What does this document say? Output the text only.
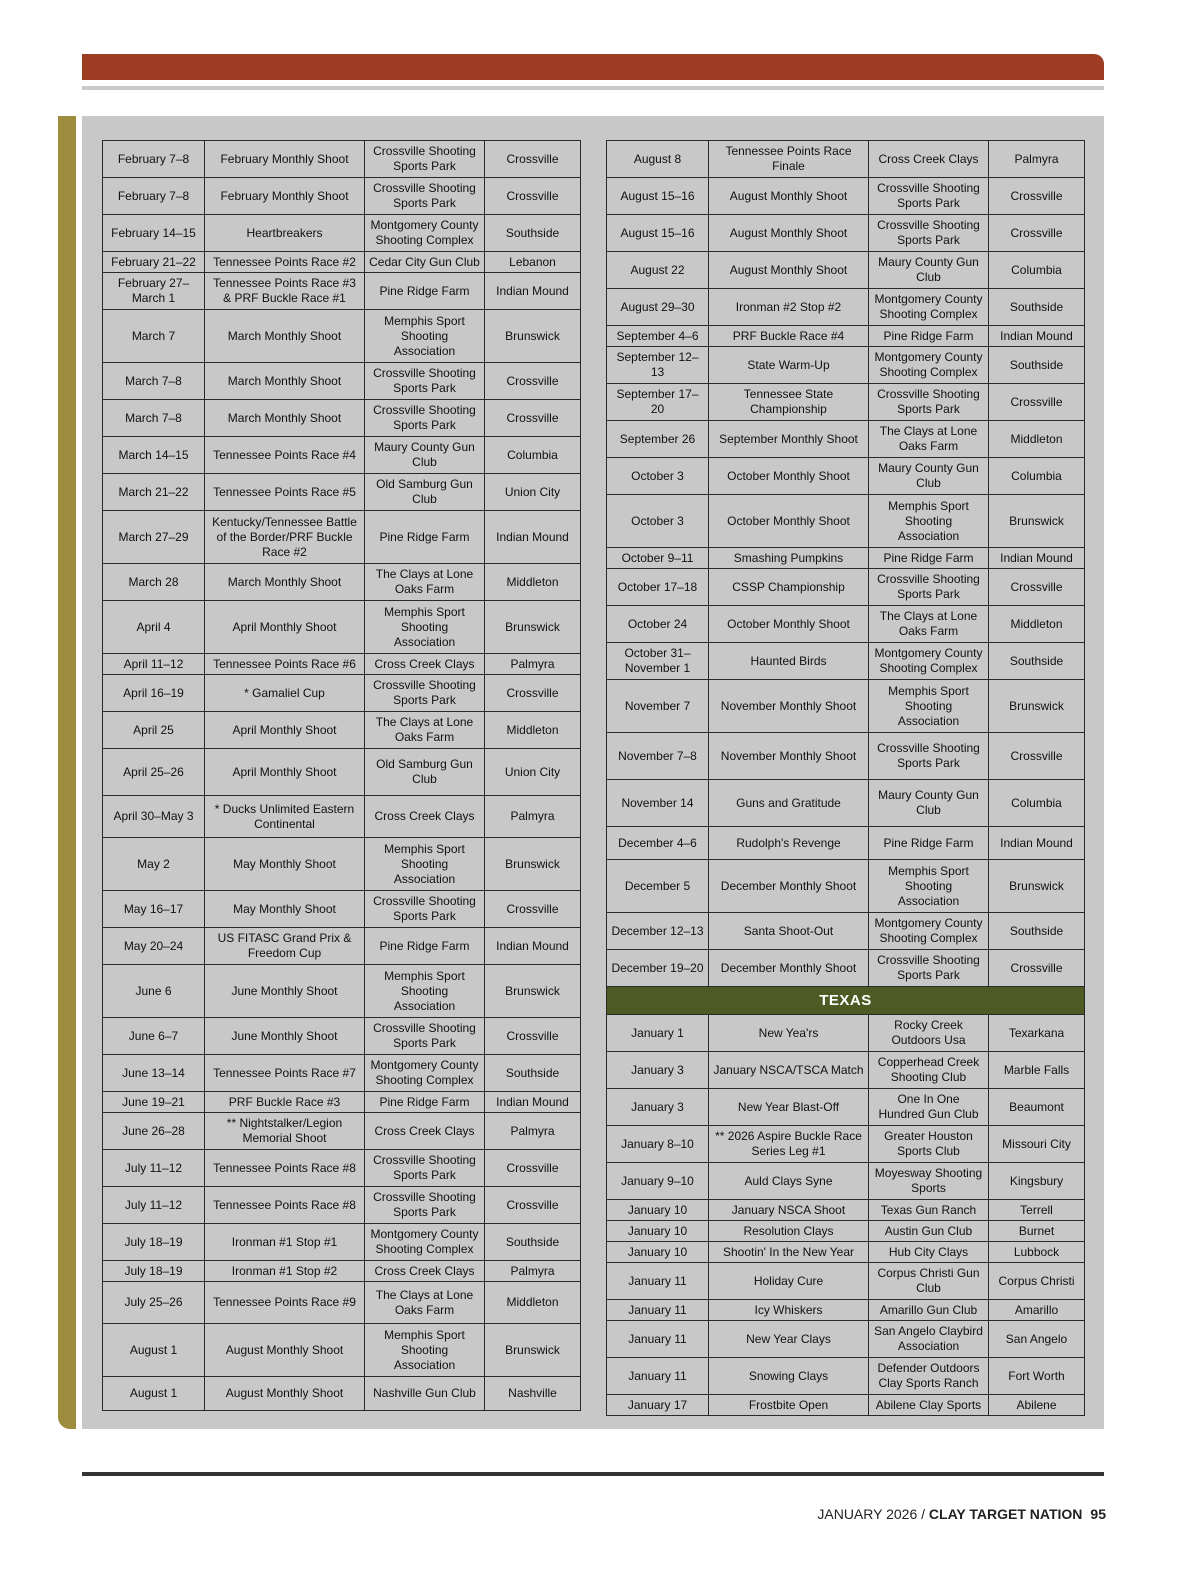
February 7–8	February Monthly Shoot	Crossville Shooting Sports Park	Crossville
February 7–8	February Monthly Shoot	Crossville Shooting Sports Park	Crossville
February 14–15	Heartbreakers	Montgomery County Shooting Complex	Southside
February 21–22	Tennessee Points Race #2	Cedar City Gun Club	Lebanon
February 27–March 1	Tennessee Points Race #3 & PRF Buckle Race #1	Pine Ridge Farm	Indian Mound
March 7	March Monthly Shoot	Memphis Sport Shooting Association	Brunswick
March 7–8	March Monthly Shoot	Crossville Shooting Sports Park	Crossville
March 7–8	March Monthly Shoot	Crossville Shooting Sports Park	Crossville
March 14–15	Tennessee Points Race #4	Maury County Gun Club	Columbia
March 21–22	Tennessee Points Race #5	Old Samburg Gun Club	Union City
March 27–29	Kentucky/Tennessee Battle of the Border/PRF Buckle Race #2	Pine Ridge Farm	Indian Mound
March 28	March Monthly Shoot	The Clays at Lone Oaks Farm	Middleton
April 4	April Monthly Shoot	Memphis Sport Shooting Association	Brunswick
April 11–12	Tennessee Points Race #6	Cross Creek Clays	Palmyra
April 16–19	* Gamaliel Cup	Crossville Shooting Sports Park	Crossville
April 25	April Monthly Shoot	The Clays at Lone Oaks Farm	Middleton
April 25–26	April Monthly Shoot	Old Samburg Gun Club	Union City
April 30–May 3	* Ducks Unlimited Eastern Continental	Cross Creek Clays	Palmyra
May 2	May Monthly Shoot	Memphis Sport Shooting Association	Brunswick
May 16–17	May Monthly Shoot	Crossville Shooting Sports Park	Crossville
May 20–24	US FITASC Grand Prix & Freedom Cup	Pine Ridge Farm	Indian Mound
June 6	June Monthly Shoot	Memphis Sport Shooting Association	Brunswick
June 6–7	June Monthly Shoot	Crossville Shooting Sports Park	Crossville
June 13–14	Tennessee Points Race #7	Montgomery County Shooting Complex	Southside
June 19–21	PRF Buckle Race #3	Pine Ridge Farm	Indian Mound
June 26–28	** Nightstalker/Legion Memorial Shoot	Cross Creek Clays	Palmyra
July 11–12	Tennessee Points Race #8	Crossville Shooting Sports Park	Crossville
July 11–12	Tennessee Points Race #8	Crossville Shooting Sports Park	Crossville
July 18–19	Ironman #1 Stop #1	Montgomery County Shooting Complex	Southside
July 18–19	Ironman #1 Stop #2	Cross Creek Clays	Palmyra
July 25–26	Tennessee Points Race #9	The Clays at Lone Oaks Farm	Middleton
August 1	August Monthly Shoot	Memphis Sport Shooting Association	Brunswick
August 1	August Monthly Shoot	Nashville Gun Club	Nashville
August 8	Tennessee Points Race Finale	Cross Creek Clays	Palmyra
August 15–16	August Monthly Shoot	Crossville Shooting Sports Park	Crossville
August 15–16	August Monthly Shoot	Crossville Shooting Sports Park	Crossville
August 22	August Monthly Shoot	Maury County Gun Club	Columbia
August 29–30	Ironman #2 Stop #2	Montgomery County Shooting Complex	Southside
September 4–6	PRF Buckle Race #4	Pine Ridge Farm	Indian Mound
September 12–13	State Warm-Up	Montgomery County Shooting Complex	Southside
September 17–20	Tennessee State Championship	Crossville Shooting Sports Park	Crossville
September 26	September Monthly Shoot	The Clays at Lone Oaks Farm	Middleton
October 3	October Monthly Shoot	Maury County Gun Club	Columbia
October 3	October Monthly Shoot	Memphis Sport Shooting Association	Brunswick
October 9–11	Smashing Pumpkins	Pine Ridge Farm	Indian Mound
October 17–18	CSSP Championship	Crossville Shooting Sports Park	Crossville
October 24	October Monthly Shoot	The Clays at Lone Oaks Farm	Middleton
October 31–November 1	Haunted Birds	Montgomery County Shooting Complex	Southside
November 7	November Monthly Shoot	Memphis Sport Shooting Association	Brunswick
November 7–8	November Monthly Shoot	Crossville Shooting Sports Park	Crossville
November 14	Guns and Gratitude	Maury County Gun Club	Columbia
December 4–6	Rudolph's Revenge	Pine Ridge Farm	Indian Mound
December 5	December Monthly Shoot	Memphis Sport Shooting Association	Brunswick
December 12–13	Santa Shoot-Out	Montgomery County Shooting Complex	Southside
December 19–20	December Monthly Shoot	Crossville Shooting Sports Park	Crossville
TEXAS			
January 1	New Yea'rs	Rocky Creek Outdoors Usa	Texarkana
January 3	January NSCA/TSCA Match	Copperhead Creek Shooting Club	Marble Falls
January 3	New Year Blast-Off	One In One Hundred Gun Club	Beaumont
January 8–10	** 2026 Aspire Buckle Race Series Leg #1	Greater Houston Sports Club	Missouri City
January 9–10	Auld Clays Syne	Moyesway Shooting Sports	Kingsbury
January 10	January NSCA Shoot	Texas Gun Ranch	Terrell
January 10	Resolution Clays	Austin Gun Club	Burnet
January 10	Shootin' In the New Year	Hub City Clays	Lubbock
January 11	Holiday Cure	Corpus Christi Gun Club	Corpus Christi
January 11	Icy Whiskers	Amarillo Gun Club	Amarillo
January 11	New Year Clays	San Angelo Claybird Association	San Angelo
January 11	Snowing Clays	Defender Outdoors Clay Sports Ranch	Fort Worth
January 17	Frostbite Open	Abilene Clay Sports	Abilene
JANUARY 2026 / CLAY TARGET NATION 95
